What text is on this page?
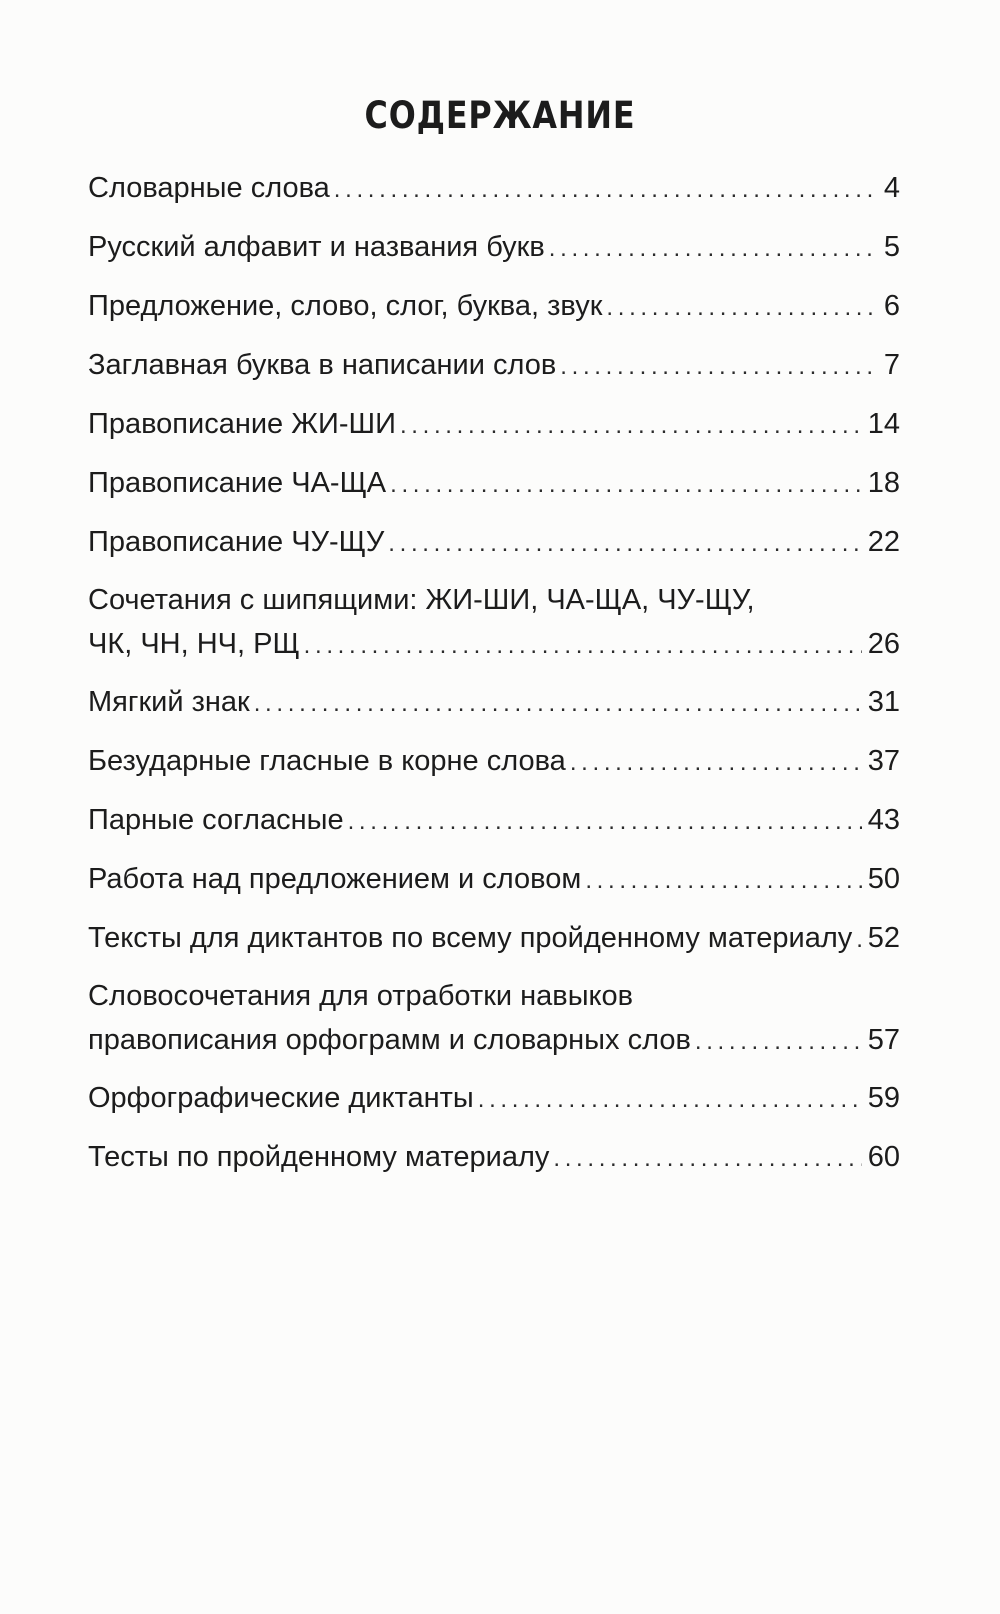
СОДЕРЖАНИЕ
Словарные слова . . .	4
Русский алфавит и названия букв . . .	5
Предложение, слово, слог, буква, звук . . .	6
Заглавная буква в написании слов . . .	7
Правописание ЖИ-ШИ . . .	14
Правописание ЧА-ЩА . . .	18
Правописание ЧУ-ЩУ . . .	22
Сочетания с шипящими: ЖИ-ШИ, ЧА-ЩА, ЧУ-ЩУ,
ЧК, ЧН, НЧ, РЩ . . .	26
Мягкий знак . . .	31
Безударные гласные в корне слова . . .	37
Парные согласные . . .	43
Работа над предложением и словом . . .	50
Тексты для диктантов по всему пройденному материалу . . . 52
Словосочетания для отработки навыков
правописания орфограмм и словарных слов . . .	57
Орфографические диктанты . . .	59
Тесты по пройденному материалу . . .	60
